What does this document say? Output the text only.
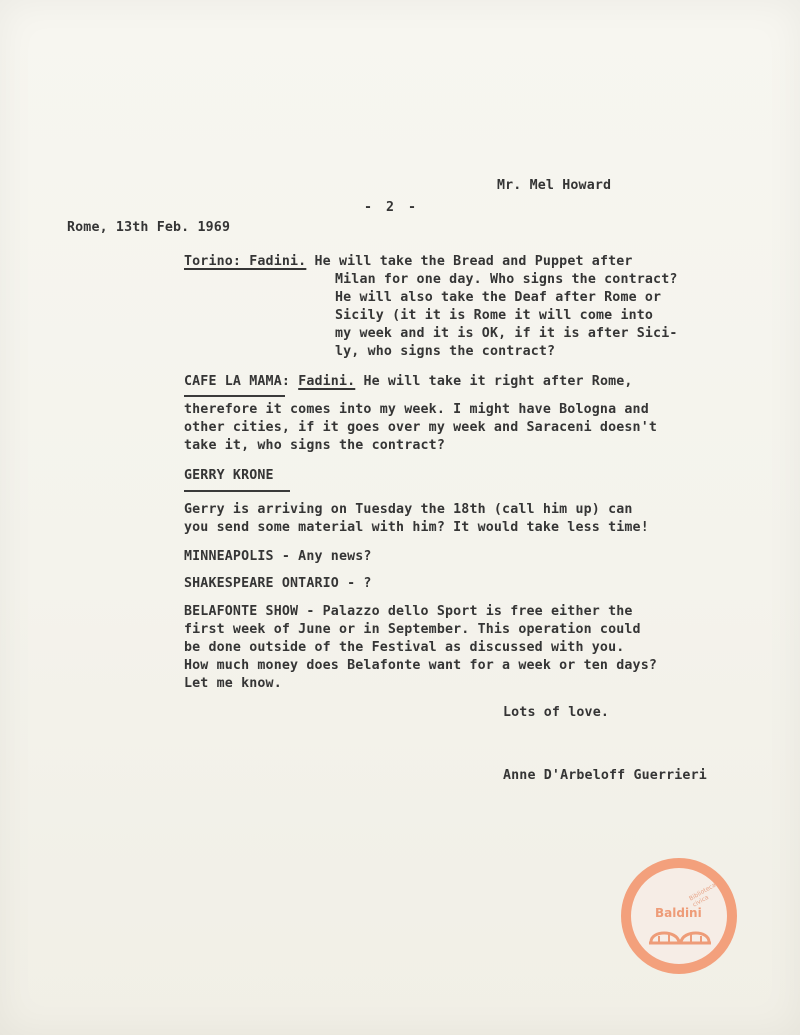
Mr. Mel Howard
- 2 -
Rome, 13th Feb. 1969
Torino: Fadini. He will take the Bread and Puppet after
Milan for one day. Who signs the contract?
He will also take the Deaf after Rome or
Sicily (it it is Rome it will come into
my week and it is OK, if it is after Sici-
ly, who signs the contract?
CAFE LA MAMA: Fadini. He will take it right after Rome,
therefore it comes into my week. I might have Bologna and
other cities, if it goes over my week and Saraceni doesn't
take it, who signs the contract?
GERRY KRONE
Gerry is arriving on Tuesday the 18th (call him up) can
you send some material with him? It would take less time!
MINNEAPOLIS - Any news?
SHAKESPEARE ONTARIO - ?
BELAFONTE SHOW - Palazzo dello Sport is free either the
first week of June or in September. This operation could
be done outside of the Festival as discussed with you.
How much money does Belafonte want for a week or ten days?
Let me know.
Lots of love.
Anne D'Arbeloff Guerrieri
Biblioteca civica
Baldini
